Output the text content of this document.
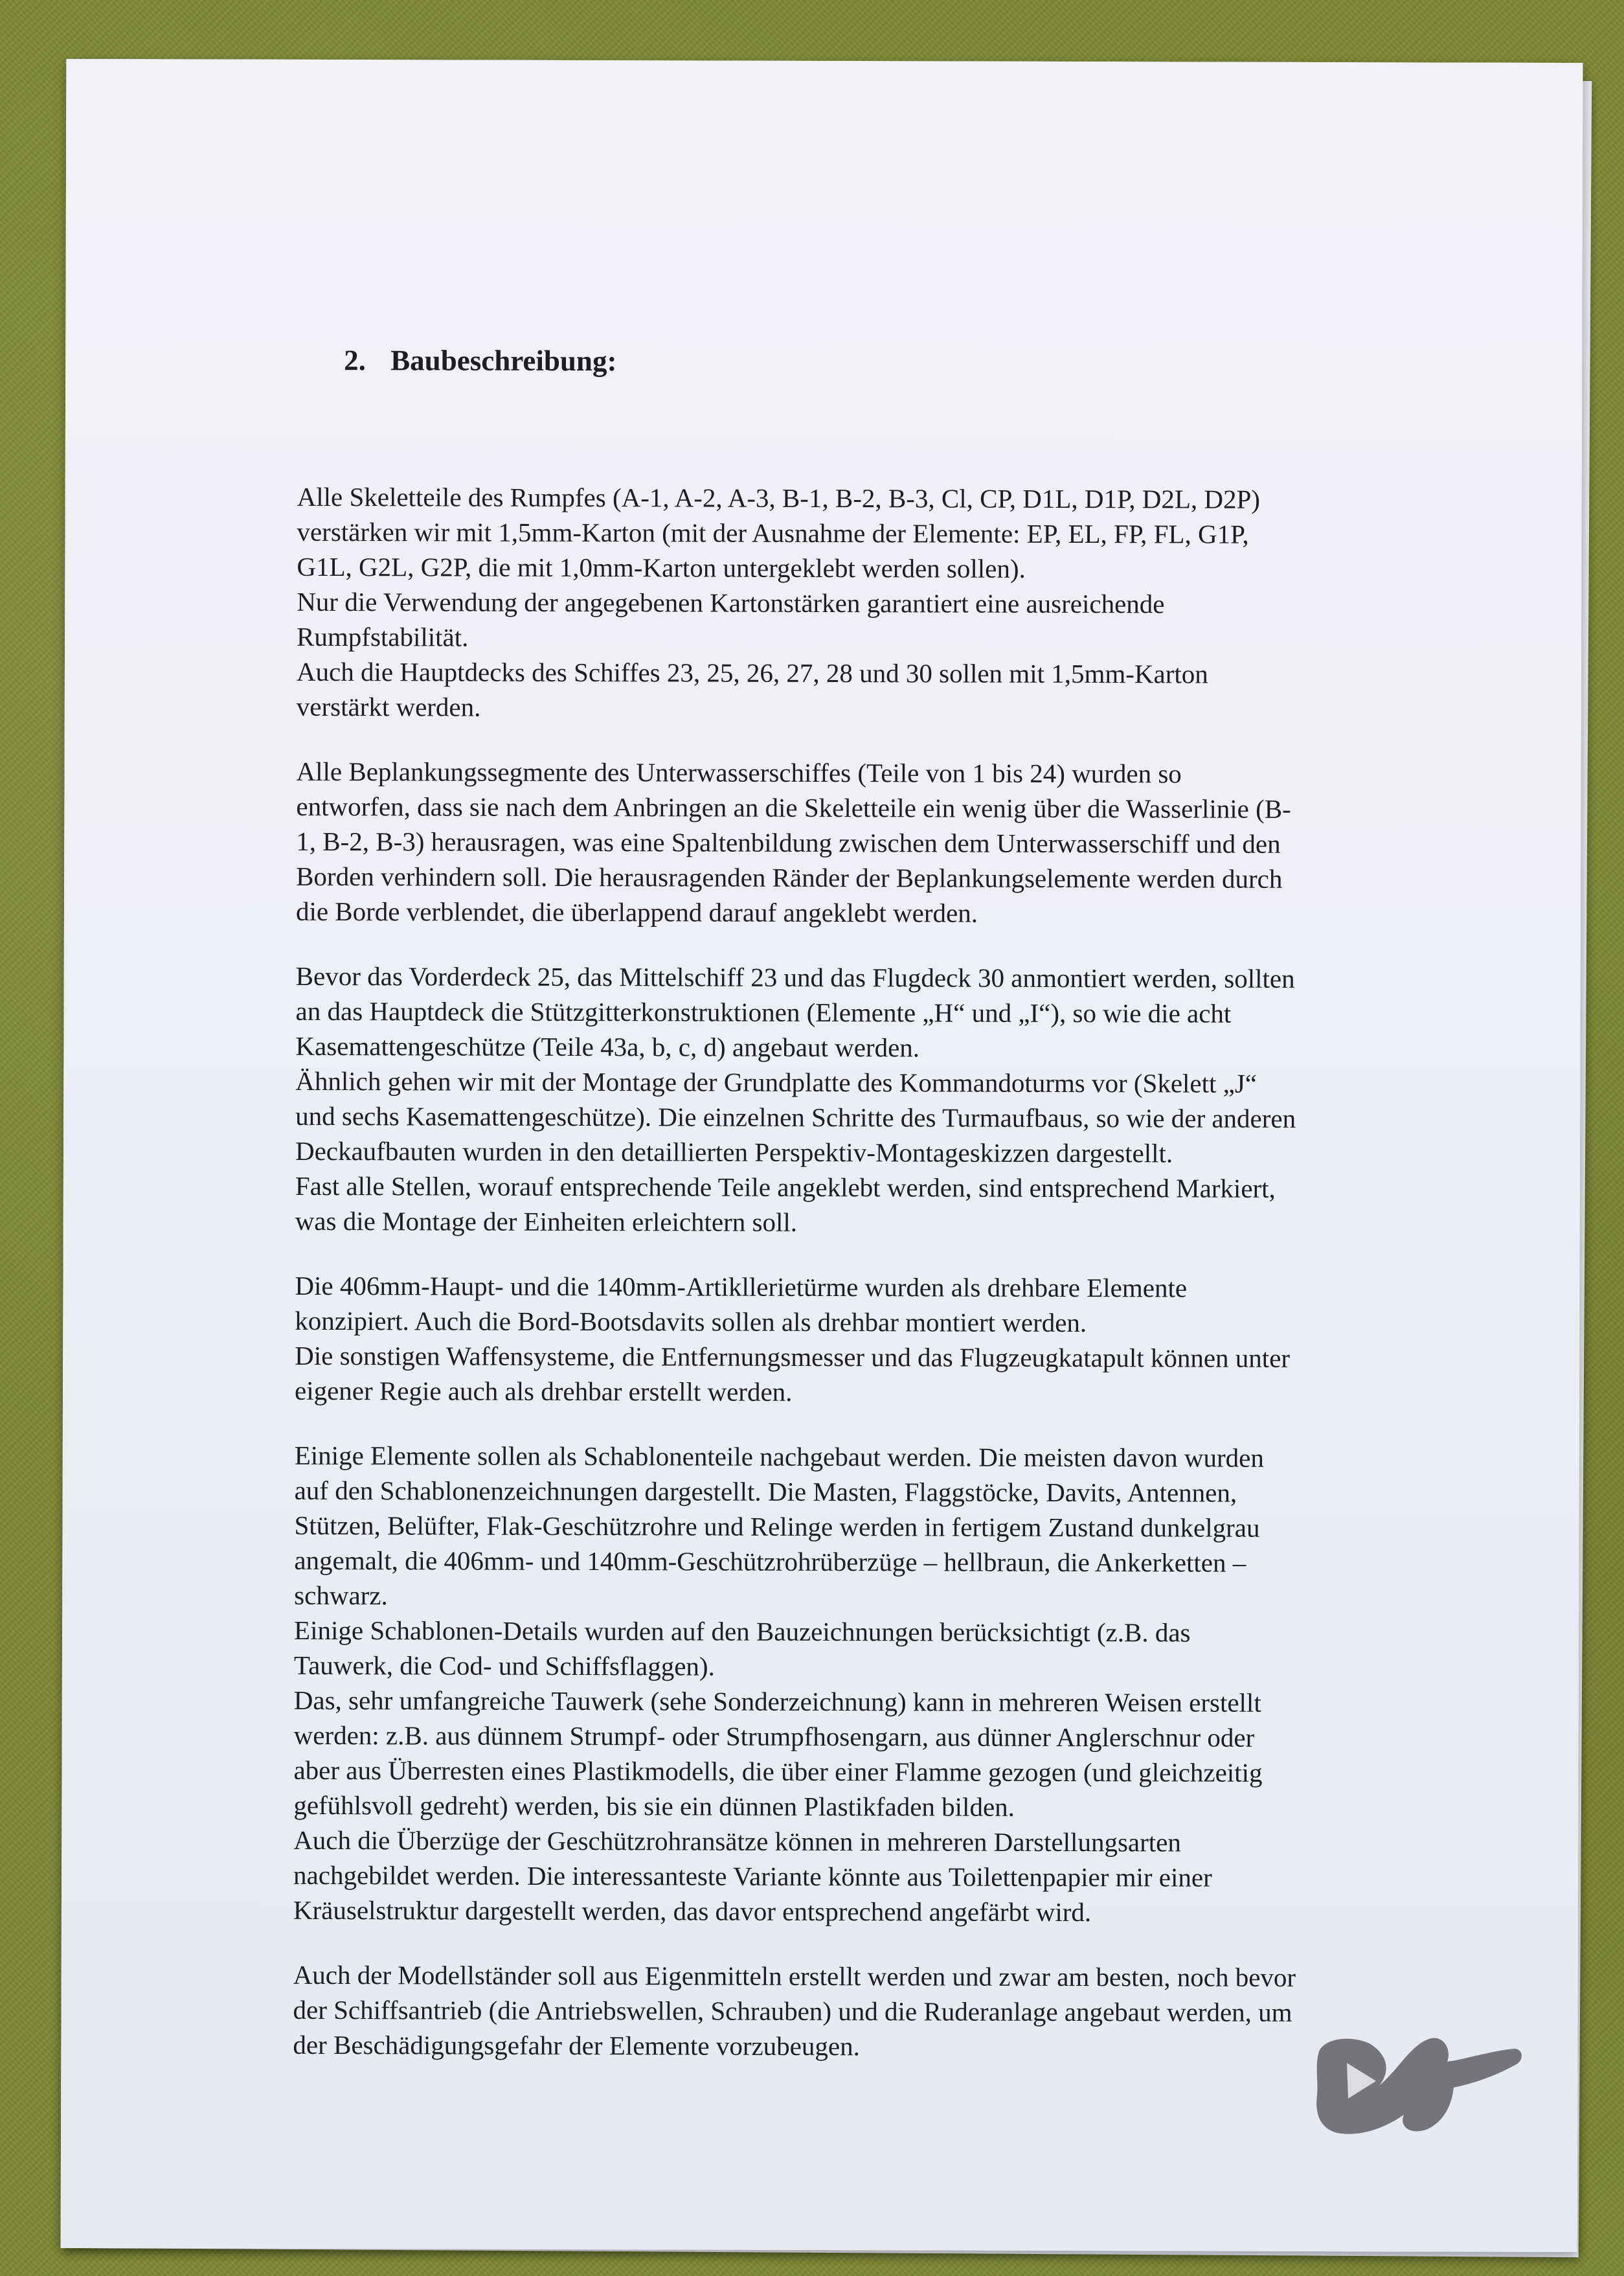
2. Baubeschreibung:
Alle Skeletteile des Rumpfes (A-1, A-2, A-3, B-1, B-2, B-3, Cl, CP, D1L, D1P, D2L, D2P)
verstärken wir mit 1,5mm-Karton (mit der Ausnahme der Elemente: EP, EL, FP, FL, G1P,
G1L, G2L, G2P, die mit 1,0mm-Karton untergeklebt werden sollen).
Nur die Verwendung der angegebenen Kartonstärken garantiert eine ausreichende
Rumpfstabilität.
Auch die Hauptdecks des Schiffes 23, 25, 26, 27, 28 und 30 sollen mit 1,5mm-Karton
verstärkt werden.
Alle Beplankungssegmente des Unterwasserschiffes (Teile von 1 bis 24) wurden so
entworfen, dass sie nach dem Anbringen an die Skeletteile ein wenig über die Wasserlinie (B-
1, B-2, B-3) herausragen, was eine Spaltenbildung zwischen dem Unterwasserschiff und den
Borden verhindern soll. Die herausragenden Ränder der Beplankungselemente werden durch
die Borde verblendet, die überlappend darauf angeklebt werden.
Bevor das Vorderdeck 25, das Mittelschiff 23 und das Flugdeck 30 anmontiert werden, sollten
an das Hauptdeck die Stützgitterkonstruktionen (Elemente „H“ und „I“), so wie die acht
Kasemattengeschütze (Teile 43a, b, c, d) angebaut werden.
Ähnlich gehen wir mit der Montage der Grundplatte des Kommandoturms vor (Skelett „J“
und sechs Kasemattengeschütze). Die einzelnen Schritte des Turmaufbaus, so wie der anderen
Deckaufbauten wurden in den detaillierten Perspektiv-Montageskizzen dargestellt.
Fast alle Stellen, worauf entsprechende Teile angeklebt werden, sind entsprechend Markiert,
was die Montage der Einheiten erleichtern soll.
Die 406mm-Haupt- und die 140mm-Artikllerietürme wurden als drehbare Elemente
konzipiert. Auch die Bord-Bootsdavits sollen als drehbar montiert werden.
Die sonstigen Waffensysteme, die Entfernungsmesser und das Flugzeugkatapult können unter
eigener Regie auch als drehbar erstellt werden.
Einige Elemente sollen als Schablonenteile nachgebaut werden. Die meisten davon wurden
auf den Schablonenzeichnungen dargestellt. Die Masten, Flaggstöcke, Davits, Antennen,
Stützen, Belüfter, Flak-Geschützrohre und Relinge werden in fertigem Zustand dunkelgrau
angemalt, die 406mm- und 140mm-Geschützrohrüberzüge – hellbraun, die Ankerketten –
schwarz.
Einige Schablonen-Details wurden auf den Bauzeichnungen berücksichtigt (z.B. das
Tauwerk, die Cod- und Schiffsflaggen).
Das, sehr umfangreiche Tauwerk (sehe Sonderzeichnung) kann in mehreren Weisen erstellt
werden: z.B. aus dünnem Strumpf- oder Strumpfhosengarn, aus dünner Anglerschnur oder
aber aus Überresten eines Plastikmodells, die über einer Flamme gezogen (und gleichzeitig
gefühlsvoll gedreht) werden, bis sie ein dünnen Plastikfaden bilden.
Auch die Überzüge der Geschützrohransätze können in mehreren Darstellungsarten
nachgebildet werden. Die interessanteste Variante könnte aus Toilettenpapier mir einer
Kräuselstruktur dargestellt werden, das davor entsprechend angefärbt wird.
Auch der Modellständer soll aus Eigenmitteln erstellt werden und zwar am besten, noch bevor
der Schiffsantrieb (die Antriebswellen, Schrauben) und die Ruderanlage angebaut werden, um
der Beschädigungsgefahr der Elemente vorzubeugen.
